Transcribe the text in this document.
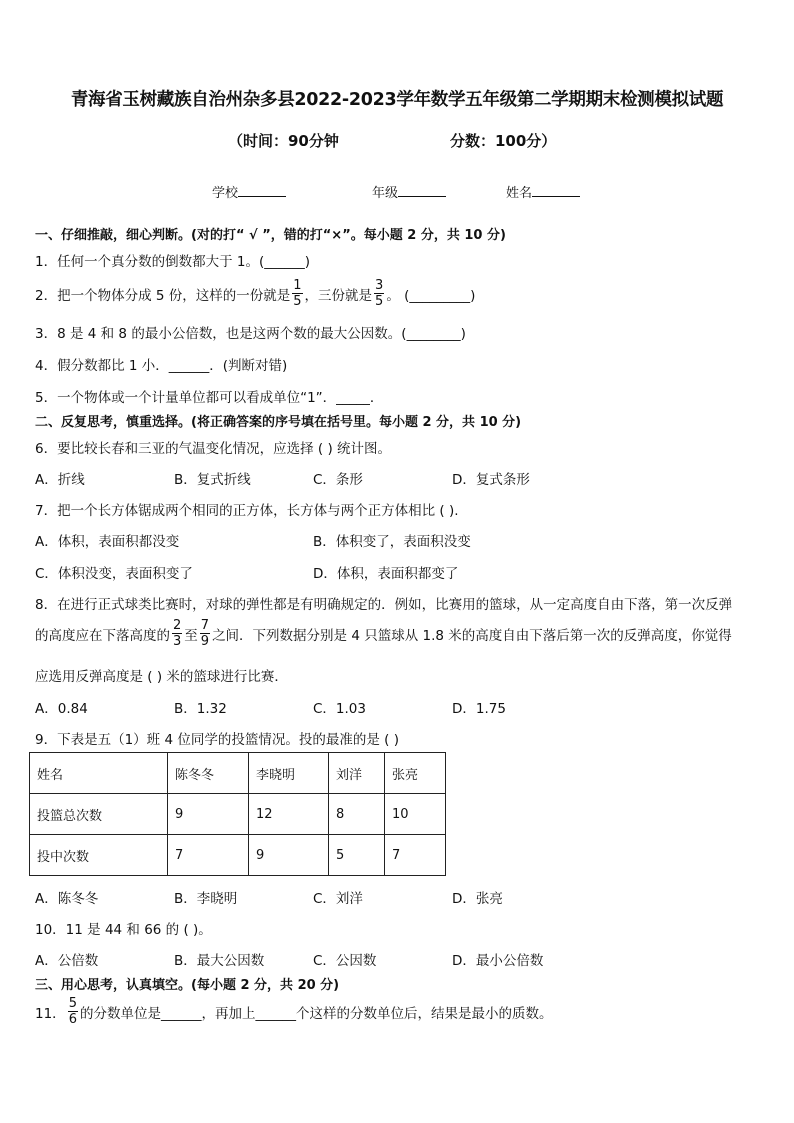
青海省玉树藏族自治州杂多县2022-2023学年数学五年级第二学期期末检测模拟试题
（时间：90分钟	分数：100分）
学校	年级	姓名
一、仔细推敲，细心判断。(对的打“ √ ”，错的打“×”。每小题 2 分，共 10 分)
1．任何一个真分数的倒数都大于 1。(______)
2．把一个物体分成 5 份，这样的一份就是 $\frac{1}{5}$ ，三份就是 $\frac{3}{5}$ 。 (_________)
3．8 是 4 和 8 的最小公倍数，也是这两个数的最大公因数。(________)
4．假分数都比 1 小．______．(判断对错)
5．一个物体或一个计量单位都可以看成单位“1”．_____．
二、反复思考，慎重选择。(将正确答案的序号填在括号里。每小题 2 分，共 10 分)
6．要比较长春和三亚的气温变化情况，应选择 ( ) 统计图。
A．折线	B．复式折线	C．条形	D．复式条形
7．把一个长方体锯成两个相同的正方体，长方体与两个正方体相比 ( ).
A．体积，表面积都没变	B．体积变了，表面积没变
C．体积没变，表面积变了	D．体积，表面积都变了
8．在进行正式球类比赛时，对球的弹性都是有明确规定的．例如，比赛用的篮球，从一定高度自由下落，第一次反弹
的高度应在下落高度的 $\frac{2}{3}$ 至 $\frac{7}{9}$ 之间．下列数据分别是 4 只篮球从 1.8 米的高度自由下落后第一次的反弹高度，你觉得
应选用反弹高度是 ( ) 米的篮球进行比赛．
A．0.84	B．1.32	C．1.03	D．1.75
9．下表是五（1）班 4 位同学的投篮情况。投的最准的是 ( )
姓名	陈冬冬	李晓明	刘洋	张亮
投篮总次数	9	12	8	10
投中次数	7	9	5	7
A．陈冬冬	B．李晓明	C．刘洋	D．张亮
10．11 是 44 和 66 的 ( )。
A．公倍数	B．最大公因数	C．公因数	D．最小公倍数
三、用心思考，认真填空。(每小题 2 分，共 20 分)
11． $\frac{5}{6}$ 的分数单位是______，再加上______个这样的分数单位后，结果是最小的质数。
